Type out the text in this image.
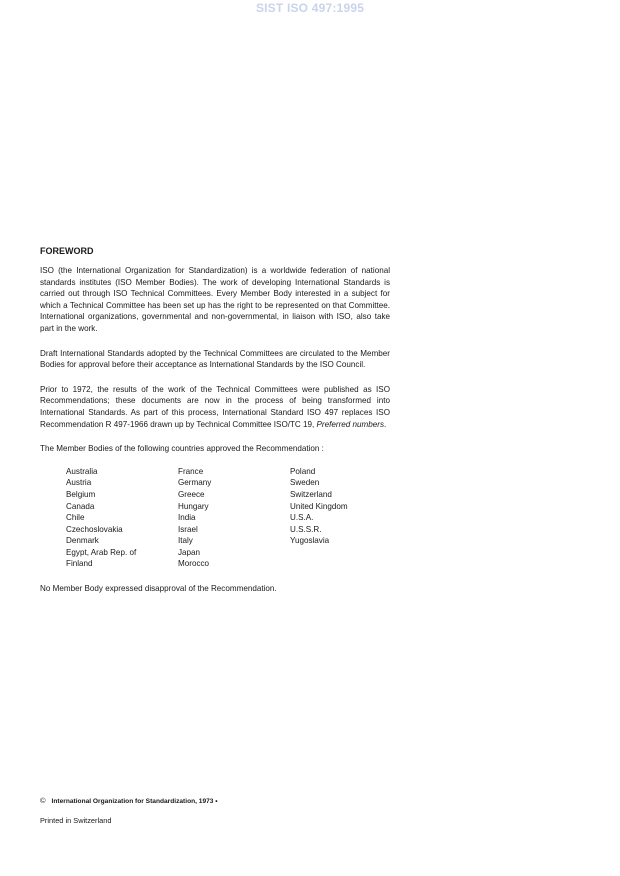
SIST ISO 497:1995
FOREWORD

ISO (the International Organization for Standardization) is a worldwide federation of national standards institutes (ISO Member Bodies). The work of developing International Standards is carried out through ISO Technical Committees. Every Member Body interested in a subject for which a Technical Committee has been set up has the right to be represented on that Committee. International organizations, governmental and non-governmental, in liaison with ISO, also take part in the work.

Draft International Standards adopted by the Technical Committees are circulated to the Member Bodies for approval before their acceptance as International Standards by the ISO Council.

Prior to 1972, the results of the work of the Technical Committees were published as ISO Recommendations; these documents are now in the process of being transformed into International Standards. As part of this process, International Standard ISO 497 replaces ISO Recommendation R 497-1966 drawn up by Technical Committee ISO/TC 19, Preferred numbers.

The Member Bodies of the following countries approved the Recommendation :

Australia
Austria
Belgium
Canada
Chile
Czechoslovakia
Denmark
Egypt, Arab Rep. of
Finland
France
Germany
Greece
Hungary
India
Israel
Italy
Japan
Morocco
Poland
Sweden
Switzerland
United Kingdom
U.S.A.
U.S.S.R.
Yugoslavia

No Member Body expressed disapproval of the Recommendation.

© International Organization for Standardization, 1973 •
Printed in Switzerland
